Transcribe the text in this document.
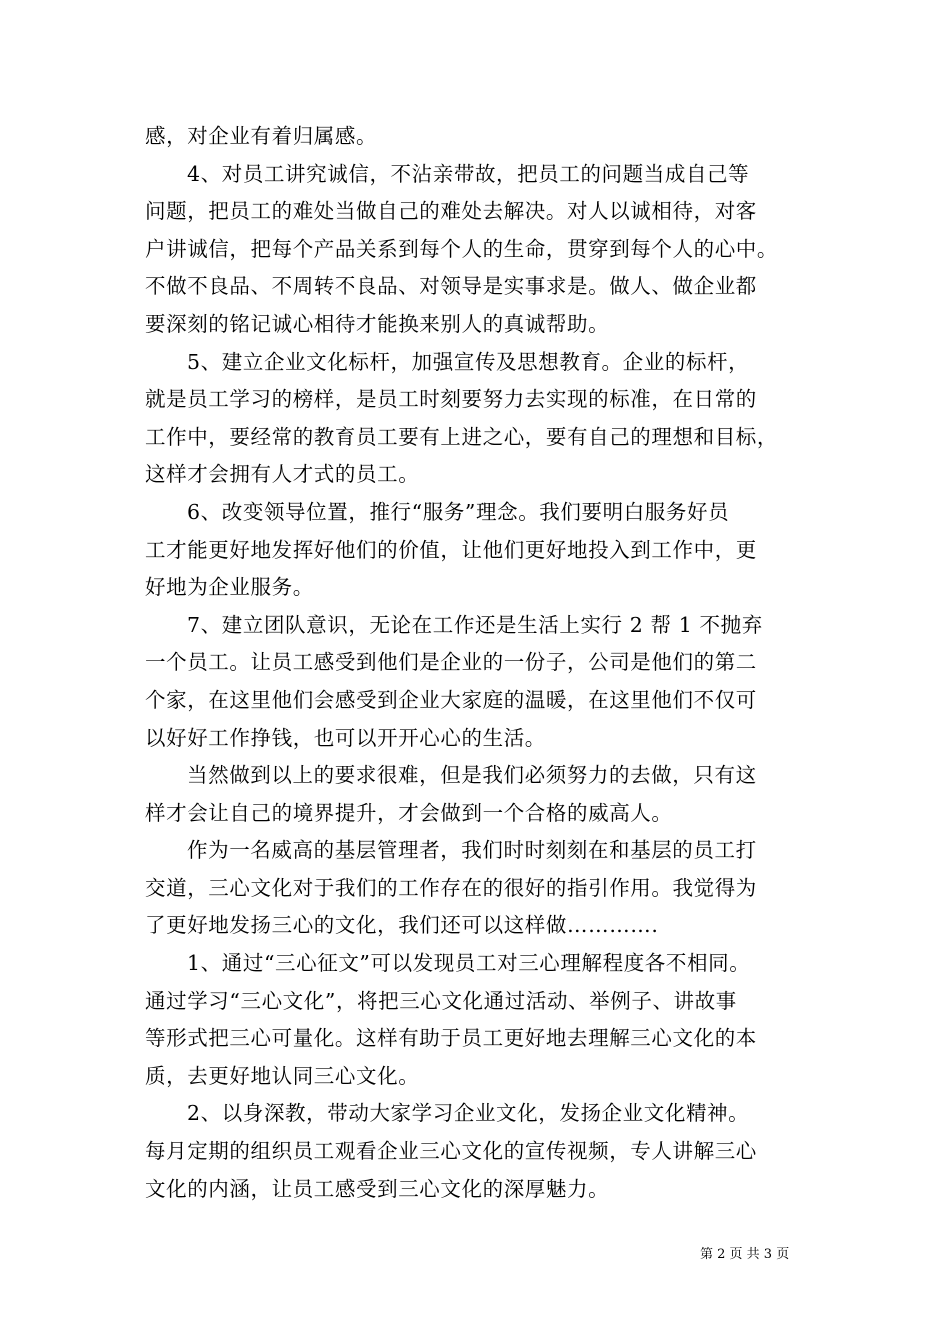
感，对企业有着归属感。
4、对员工讲究诚信，不沾亲带故，把员工的问题当成自己等
问题，把员工的难处当做自己的难处去解决。对人以诚相待，对客
户讲诚信，把每个产品关系到每个人的生命，贯穿到每个人的心中。
不做不良品、不周转不良品、对领导是实事求是。做人、做企业都
要深刻的铭记诚心相待才能换来别人的真诚帮助。
5、建立企业文化标杆，加强宣传及思想教育。企业的标杆，
就是员工学习的榜样，是员工时刻要努力去实现的标准，在日常的
工作中，要经常的教育员工要有上进之心，要有自己的理想和目标，
这样才会拥有人才式的员工。
6、改变领导位置，推行“服务”理念。我们要明白服务好员
工才能更好地发挥好他们的价值，让他们更好地投入到工作中，更
好地为企业服务。
7、建立团队意识，无论在工作还是生活上实行 2 帮 1 不抛弃
一个员工。让员工感受到他们是企业的一份子，公司是他们的第二
个家，在这里他们会感受到企业大家庭的温暖，在这里他们不仅可
以好好工作挣钱，也可以开开心心的生活。
当然做到以上的要求很难，但是我们必须努力的去做，只有这
样才会让自己的境界提升，才会做到一个合格的威高人。
作为一名威高的基层管理者，我们时时刻刻在和基层的员工打
交道，三心文化对于我们的工作存在的很好的指引作用。我觉得为
了更好地发扬三心的文化，我们还可以这样做………….
1、通过“三心征文”可以发现员工对三心理解程度各不相同。
通过学习“三心文化”，将把三心文化通过活动、举例子、讲故事
等形式把三心可量化。这样有助于员工更好地去理解三心文化的本
质，去更好地认同三心文化。
2、以身深教，带动大家学习企业文化，发扬企业文化精神。
每月定期的组织员工观看企业三心文化的宣传视频，专人讲解三心
文化的内涵，让员工感受到三心文化的深厚魅力。
第 2 页 共 3 页
